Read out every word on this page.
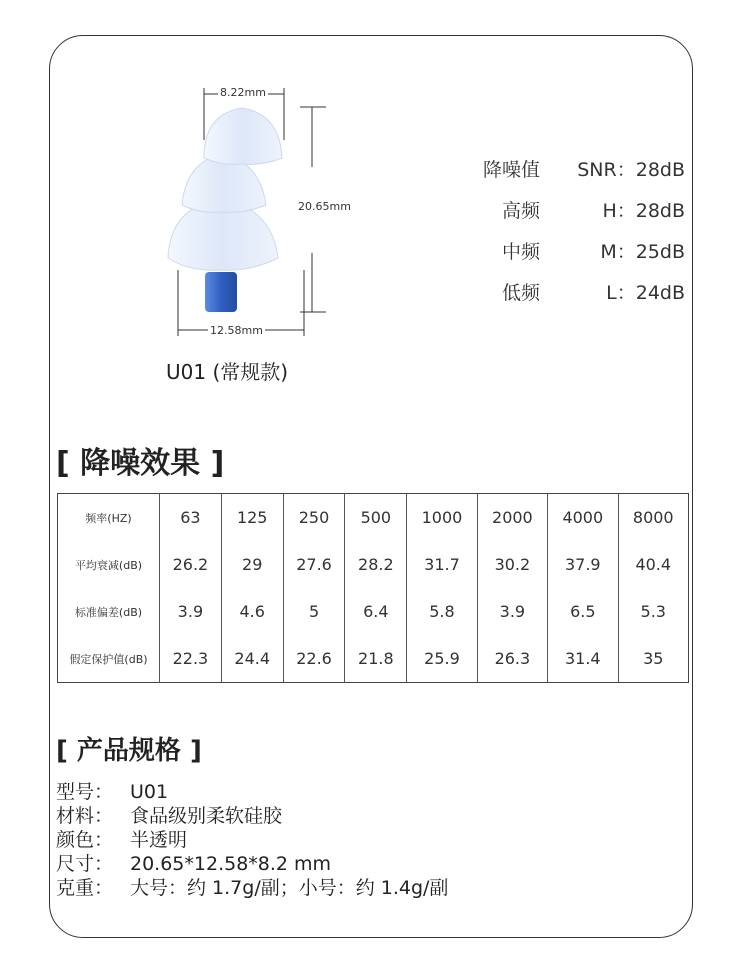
8.22mm
20.65mm
12.58mm
U01 (常规款)
降噪值	SNR：28dB
高频	H：28dB
中频	M：25dB
低频	L：24dB
[ 降噪效果 ]
频率(HZ)	63	125	250	500	1000	2000	4000	8000
平均衰减(dB)	26.2	29	27.6	28.2	31.7	30.2	37.9	40.4
标准偏差(dB)	3.9	4.6	5	6.4	5.8	3.9	6.5	5.3
假定保护值(dB)	22.3	24.4	22.6	21.8	25.9	26.3	31.4	35
[ 产品规格 ]
型号： U01
材料： 食品级别柔软硅胶
颜色： 半透明
尺寸： 20.65*12.58*8.2 mm
克重： 大号：约 1.7g/副；小号：约 1.4g/副
